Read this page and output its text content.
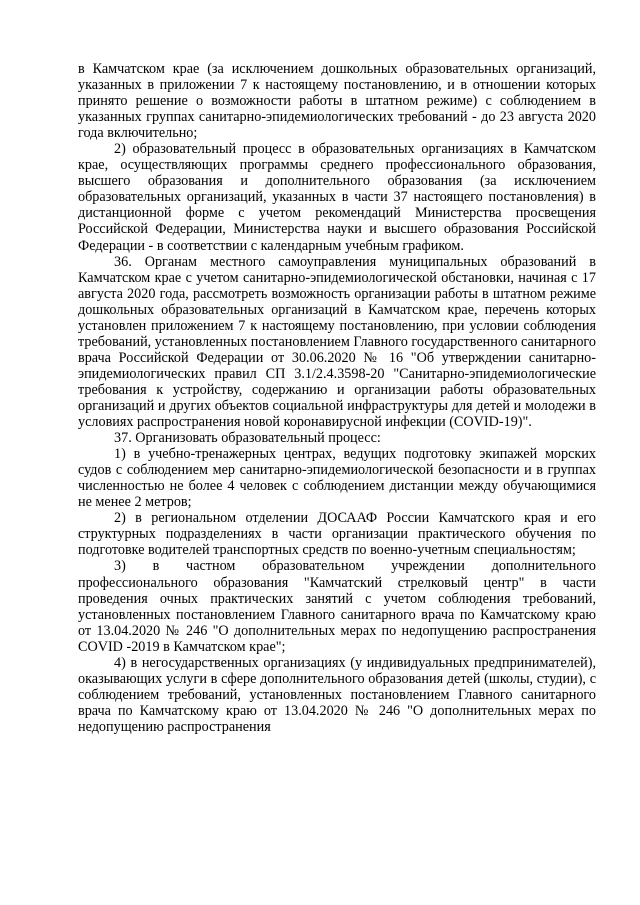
в Камчатском крае (за исключением дошкольных образовательных организаций, указанных в приложении 7 к настоящему постановлению, и в отношении которых принято решение о возможности работы в штатном режиме) с соблюдением в указанных группах санитарно-эпидемиологических требований - до 23 августа 2020 года включительно;

2) образовательный процесс в образовательных организациях в Камчатском крае, осуществляющих программы среднего профессионального образования, высшего образования и дополнительного образования (за исключением образовательных организаций, указанных в части 37 настоящего постановления) в дистанционной форме с учетом рекомендаций Министерства просвещения Российской Федерации, Министерства науки и высшего образования Российской Федерации - в соответствии с календарным учебным графиком.

36. Органам местного самоуправления муниципальных образований в Камчатском крае с учетом санитарно-эпидемиологической обстановки, начиная с 17 августа 2020 года, рассмотреть возможность организации работы в штатном режиме дошкольных образовательных организаций в Камчатском крае, перечень которых установлен приложением 7 к настоящему постановлению, при условии соблюдения требований, установленных постановлением Главного государственного санитарного врача Российской Федерации от 30.06.2020 № 16 "Об утверждении санитарно-эпидемиологических правил СП 3.1/2.4.3598-20 "Санитарно-эпидемиологические требования к устройству, содержанию и организации работы образовательных организаций и других объектов социальной инфраструктуры для детей и молодежи в условиях распространения новой коронавирусной инфекции (COVID-19)".

37. Организовать образовательный процесс:

1) в учебно-тренажерных центрах, ведущих подготовку экипажей морских судов с соблюдением мер санитарно-эпидемиологической безопасности и в группах численностью не более 4 человек с соблюдением дистанции между обучающимися не менее 2 метров;

2) в региональном отделении ДОСААФ России Камчатского края и его структурных подразделениях в части организации практического обучения по подготовке водителей транспортных средств по военно-учетным специальностям;

3) в частном образовательном учреждении дополнительного профессионального образования "Камчатский стрелковый центр" в части проведения очных практических занятий с учетом соблюдения требований, установленных постановлением Главного санитарного врача по Камчатскому краю от 13.04.2020 № 246 "О дополнительных мерах по недопущению распространения COVID -2019 в Камчатском крае";

4) в негосударственных организациях (у индивидуальных предпринимателей), оказывающих услуги в сфере дополнительного образования детей (школы, студии), с соблюдением требований, установленных постановлением Главного санитарного врача по Камчатскому краю от 13.04.2020 № 246 "О дополнительных мерах по недопущению распространения
